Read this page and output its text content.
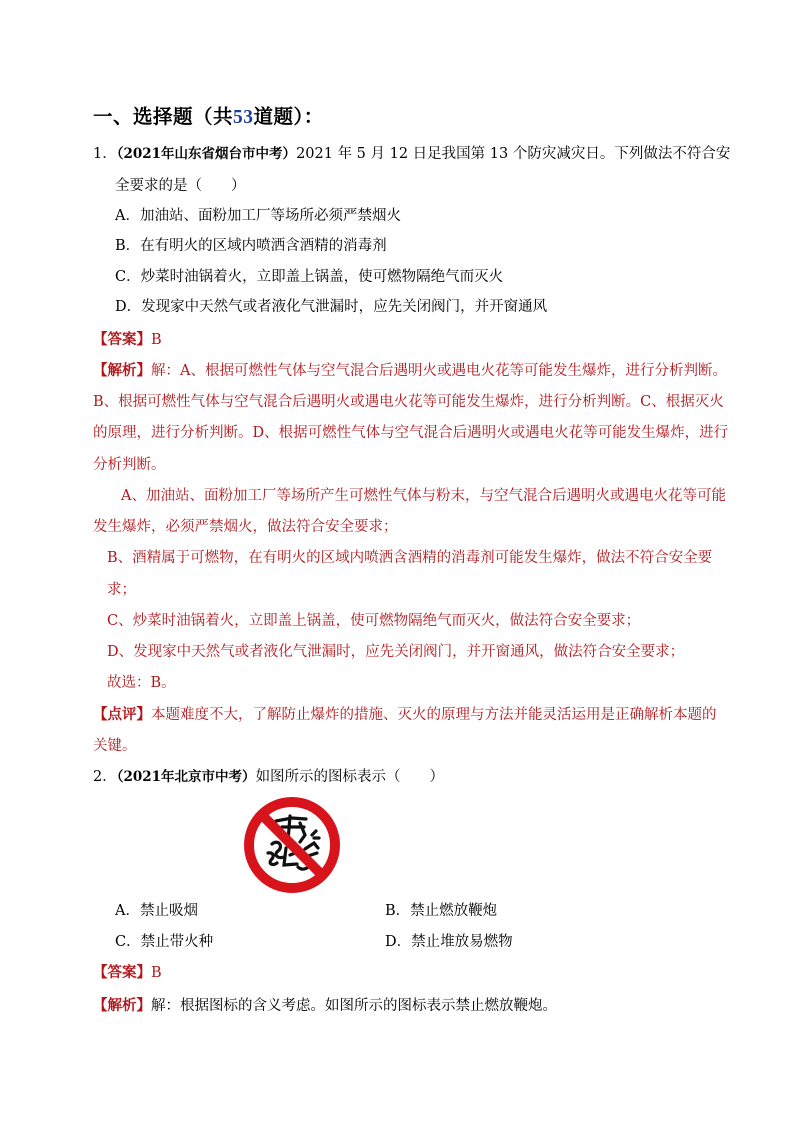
一、选择题（共53道题）：
1．（2021年山东省烟台市中考）2021 年 5 月 12 日足我国第 13 个防灾减灾日。下列做法不符合安
全要求的是（　　）
A．加油站、面粉加工厂等场所必须严禁烟火
B．在有明火的区域内喷洒含酒精的消毒剂
C．炒菜时油锅着火，立即盖上锅盖，使可燃物隔绝气而灭火
D．发现家中天然气或者液化气泄漏时，应先关闭阀门，并开窗通风
【答案】B
【解析】解：A、根据可燃性气体与空气混合后遇明火或遇电火花等可能发生爆炸，进行分析判断。
B、根据可燃性气体与空气混合后遇明火或遇电火花等可能发生爆炸，进行分析判断。C、根据灭火
的原理，进行分析判断。D、根据可燃性气体与空气混合后遇明火或遇电火花等可能发生爆炸，进行
分析判断。
A、加油站、面粉加工厂等场所产生可燃性气体与粉末，与空气混合后遇明火或遇电火花等可能
发生爆炸，必须严禁烟火，做法符合安全要求；
B、酒精属于可燃物，在有明火的区域内喷洒含酒精的消毒剂可能发生爆炸，做法不符合安全要
求；
C、炒菜时油锅着火，立即盖上锅盖，使可燃物隔绝气而灭火，做法符合安全要求；
D、发现家中天然气或者液化气泄漏时，应先关闭阀门，并开窗通风，做法符合安全要求；
故选：B。
【点评】本题难度不大，了解防止爆炸的措施、灭火的原理与方法并能灵活运用是正确解析本题的
关键。
2．（2021年北京市中考）如图所示的图标表示（　　）
A．禁止吸烟	B．禁止燃放鞭炮
C．禁止带火种	D．禁止堆放易燃物
【答案】B
【解析】解：根据图标的含义考虑。如图所示的图标表示禁止燃放鞭炮。
